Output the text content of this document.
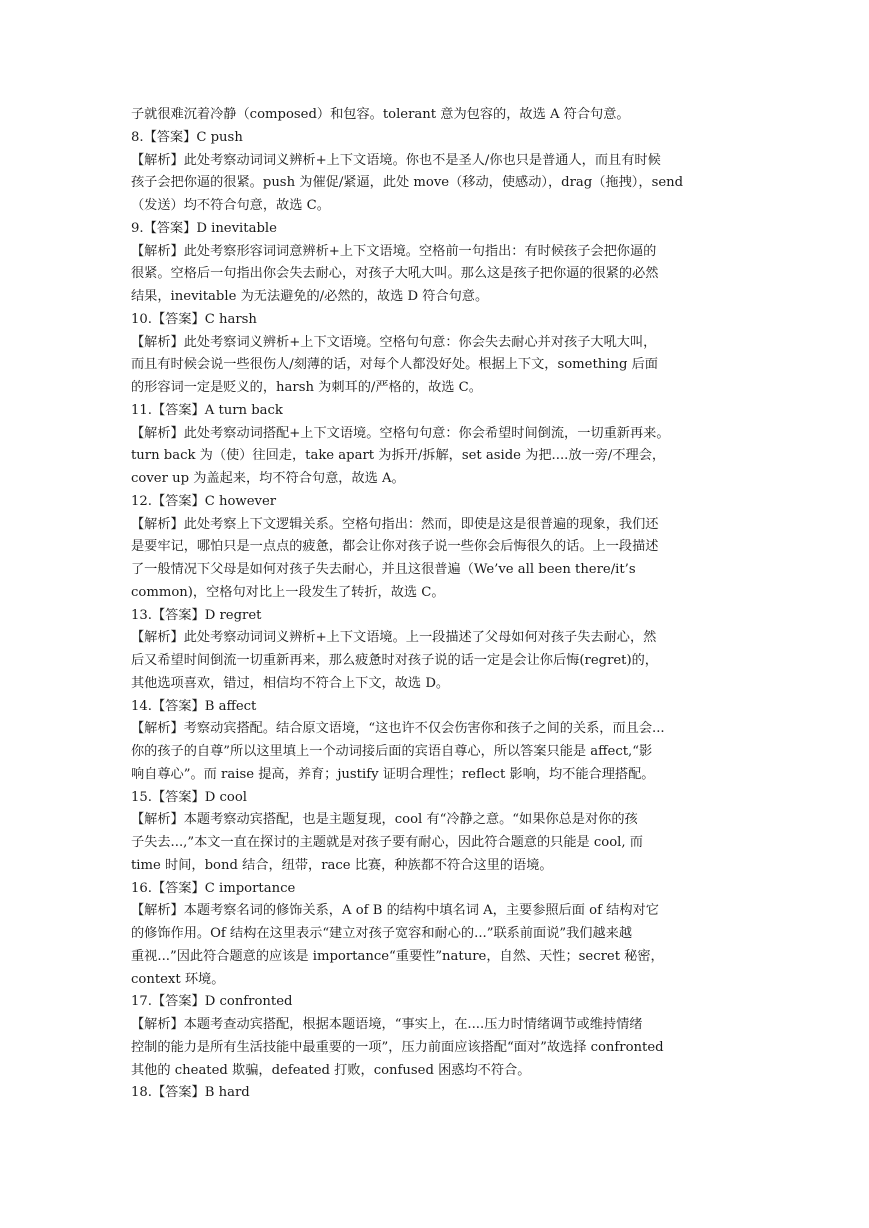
子就很难沉着冷静（composed）和包容。tolerant 意为包容的，故选 A 符合句意。
8.【答案】C push
【解析】此处考察动词词义辨析+上下文语境。你也不是圣人/你也只是普通人，而且有时候
孩子会把你逼的很紧。push 为催促/紧逼，此处 move（移动，使感动），drag（拖拽），send
（发送）均不符合句意，故选 C。
9.【答案】D inevitable
【解析】此处考察形容词词意辨析+上下文语境。空格前一句指出：有时候孩子会把你逼的
很紧。空格后一句指出你会失去耐心，对孩子大吼大叫。那么这是孩子把你逼的很紧的必然
结果，inevitable 为无法避免的/必然的，故选 D 符合句意。
10.【答案】C harsh
【解析】此处考察词义辨析+上下文语境。空格句句意：你会失去耐心并对孩子大吼大叫，
而且有时候会说一些很伤人/刻薄的话，对每个人都没好处。根据上下文，something 后面
的形容词一定是贬义的，harsh 为刺耳的/严格的，故选 C。
11.【答案】A turn back
【解析】此处考察动词搭配+上下文语境。空格句句意：你会希望时间倒流，一切重新再来。
turn back 为（使）往回走，take apart 为拆开/拆解，set aside 为把....放一旁/不理会，
cover up 为盖起来，均不符合句意，故选 A。
12.【答案】C however
【解析】此处考察上下文逻辑关系。空格句指出：然而，即使是这是很普遍的现象，我们还
是要牢记，哪怕只是一点点的疲惫，都会让你对孩子说一些你会后悔很久的话。上一段描述
了一般情况下父母是如何对孩子失去耐心，并且这很普遍（We’ve all been there/it’s
common)，空格句对比上一段发生了转折，故选 C。
13.【答案】D regret
【解析】此处考察动词词义辨析+上下文语境。上一段描述了父母如何对孩子失去耐心，然
后又希望时间倒流一切重新再来，那么疲惫时对孩子说的话一定是会让你后悔(regret)的，
其他选项喜欢，错过，相信均不符合上下文，故选 D。
14.【答案】B affect
【解析】考察动宾搭配。结合原文语境，“这也许不仅会伤害你和孩子之间的关系，而且会...
你的孩子的自尊”所以这里填上一个动词接后面的宾语自尊心，所以答案只能是 affect,“影
响自尊心”。而 raise 提高，养育；justify 证明合理性；reflect 影响，均不能合理搭配。
15.【答案】D cool
【解析】本题考察动宾搭配，也是主题复现，cool 有“冷静之意。“如果你总是对你的孩
子失去...,”本文一直在探讨的主题就是对孩子要有耐心，因此符合题意的只能是 cool, 而
time 时间，bond 结合，纽带，race 比赛，种族都不符合这里的语境。
16.【答案】C importance
【解析】本题考察名词的修饰关系，A of B 的结构中填名词 A，主要参照后面 of 结构对它
的修饰作用。Of 结构在这里表示“建立对孩子宽容和耐心的...”联系前面说”我们越来越
重视...”因此符合题意的应该是 importance“重要性”nature，自然、天性；secret 秘密，
context 环境。
17.【答案】D confronted
【解析】本题考查动宾搭配，根据本题语境，“事实上，在....压力时情绪调节或维持情绪
控制的能力是所有生活技能中最重要的一项”，压力前面应该搭配“面对”故选择 confronted
其他的 cheated 欺骗，defeated 打败，confused 困惑均不符合。
18.【答案】B hard
